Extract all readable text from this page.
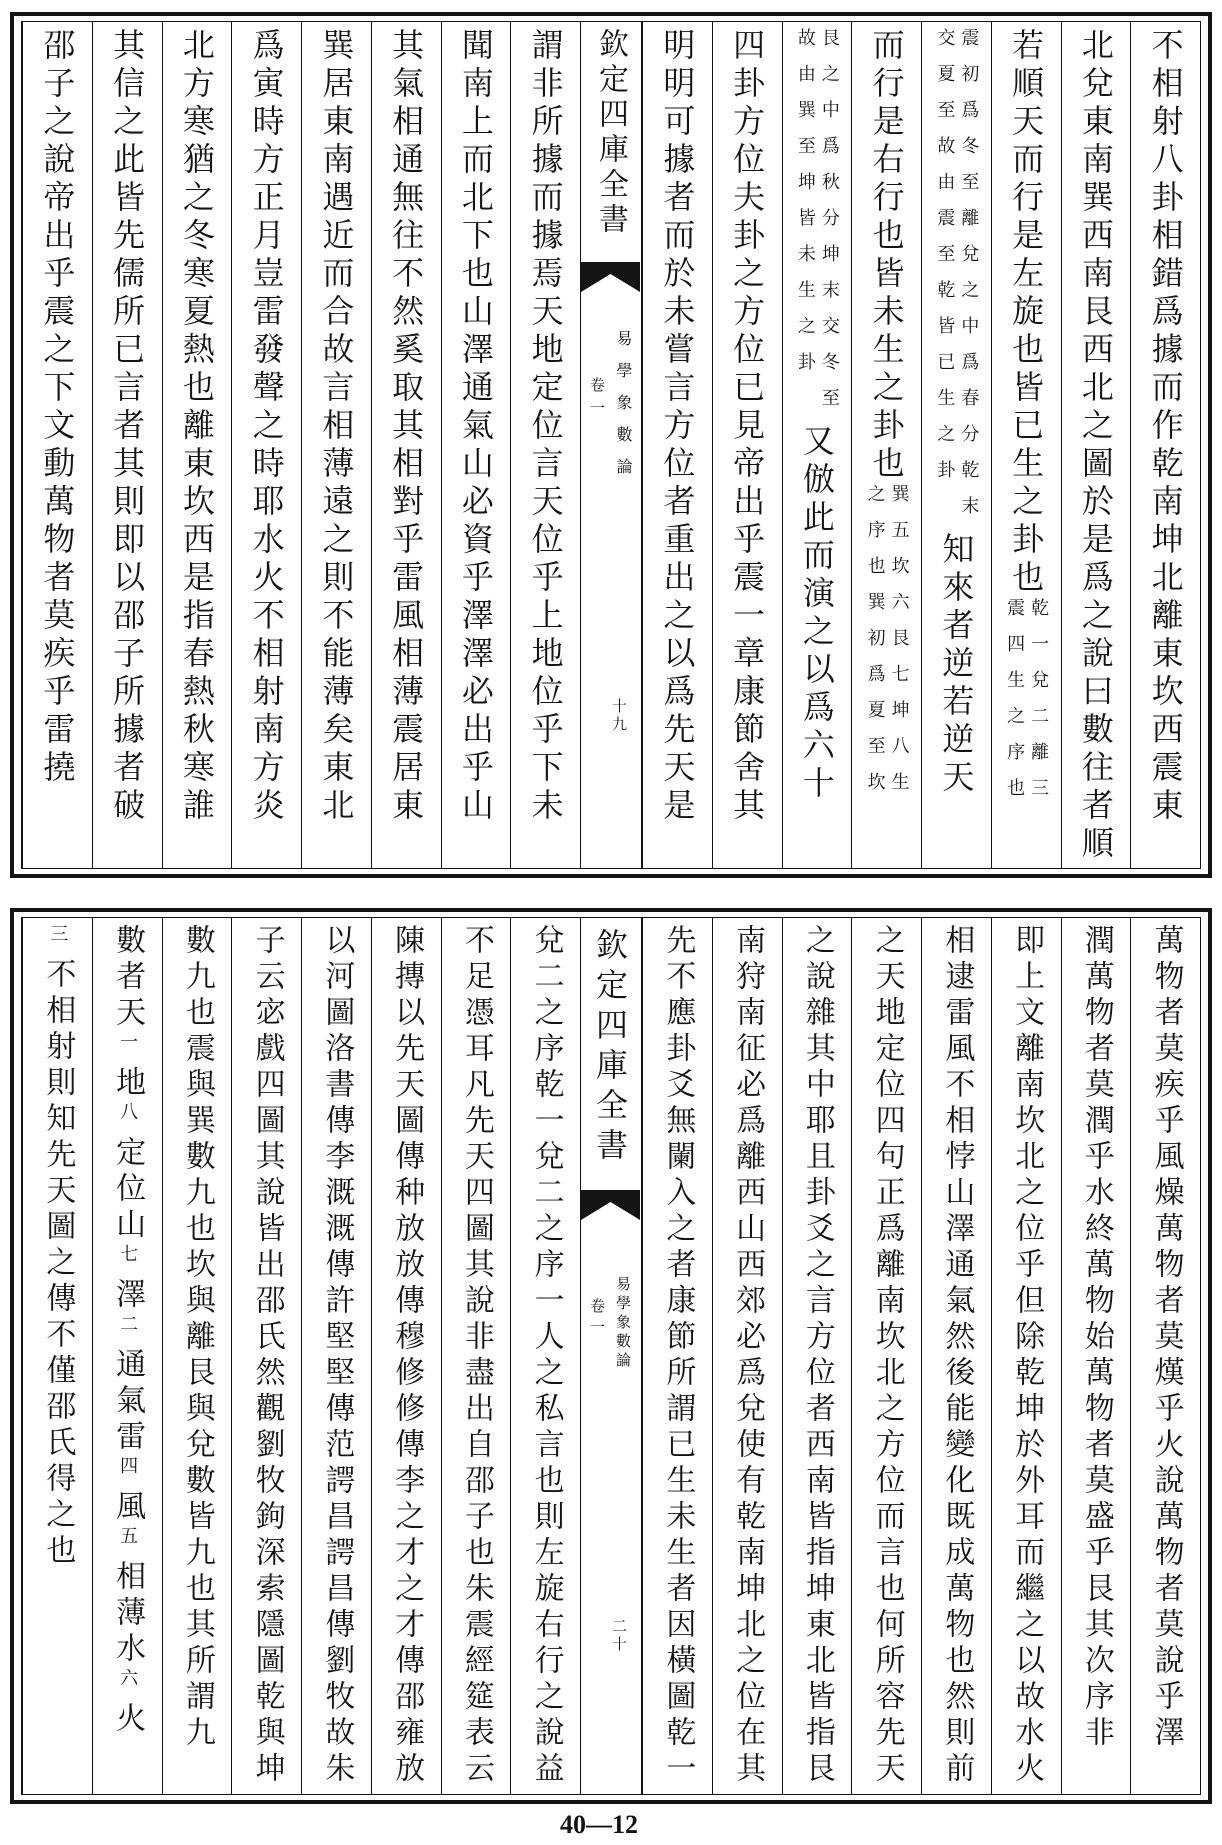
欽定四庫全書
易學象數論
卷一
十九	不相射八卦相錯爲據而作乾南坤北離東坎西震東
北兌東南巽西南艮西北之圖於是爲之說曰數往者順
若順天而行是左旋也皆已生之卦也
乾一兌二離三
震四生之序也
震初爲冬至離兌之中爲春分乾末
交夏至故由震至乾皆已生之卦
知來者逆若逆天
而行是右行也皆未生之卦也
巽五坎六艮七坤八生
之序也巽初爲夏至坎
艮之中爲秋分坤末交冬至
故由巽至坤皆未生之卦
又倣此而演之以爲六十
四卦方位夫卦之方位已見帝出乎震一章康節舍其
明明可據者而於未嘗言方位者重出之以爲先天是
謂非所據而據焉天地定位言天位乎上地位乎下未
聞南上而北下也山澤通氣山必資乎澤澤必出乎山
其氣相通無往不然奚取其相對乎雷風相薄震居東
巽居東南遇近而合故言相薄遠之則不能薄矣東北
爲寅時方正月豈雷發聲之時耶水火不相射南方炎
北方寒猶之冬寒夏熱也離東坎西是指春熱秋寒誰
其信之此皆先儒所已言者其則即以邵子所據者破
邵子之說帝出乎震之下文動萬物者莫疾乎雷撓
欽定四庫全書
易學象數論
卷一
二十	萬物者莫疾乎風燥萬物者莫熯乎火說萬物者莫說乎澤
潤萬物者莫潤乎水終萬物始萬物者莫盛乎艮其次序非
即上文離南坎北之位乎但除乾坤於外耳而繼之以故水火
相逮雷風不相悖山澤通氣然後能變化既成萬物也然則前
之天地定位四句正爲離南坎北之方位而言也何所容先天
之說雜其中耶且卦爻之言方位者西南皆指坤東北皆指艮
南狩南征必爲離西山西郊必爲兌使有乾南坤北之位在其
先不應卦爻無闌入之者康節所謂已生未生者因橫圖乾一
兌二之序乾一兌二之序一人之私言也則左旋右行之說益
不足憑耳凡先天四圖其說非盡出自邵子也朱震經筵表云
陳摶以先天圖傳种放放傳穆修修傳李之才之才傳邵雍放
以河圖洛書傳李溉溉傳許堅堅傳范諤昌諤昌傳劉牧故朱
子云宓戲四圖其說皆出邵氏然觀劉牧鉤深索隱圖乾與坤
數九也震與巽數九也坎與離艮與兌數皆九也其所謂九
數者天
一
地
八
定位山
七
澤
二
通氣雷
四
風
五
相薄水
六
火
三
不相射則知先天圖之傳不僅邵氏得之也
40—12
